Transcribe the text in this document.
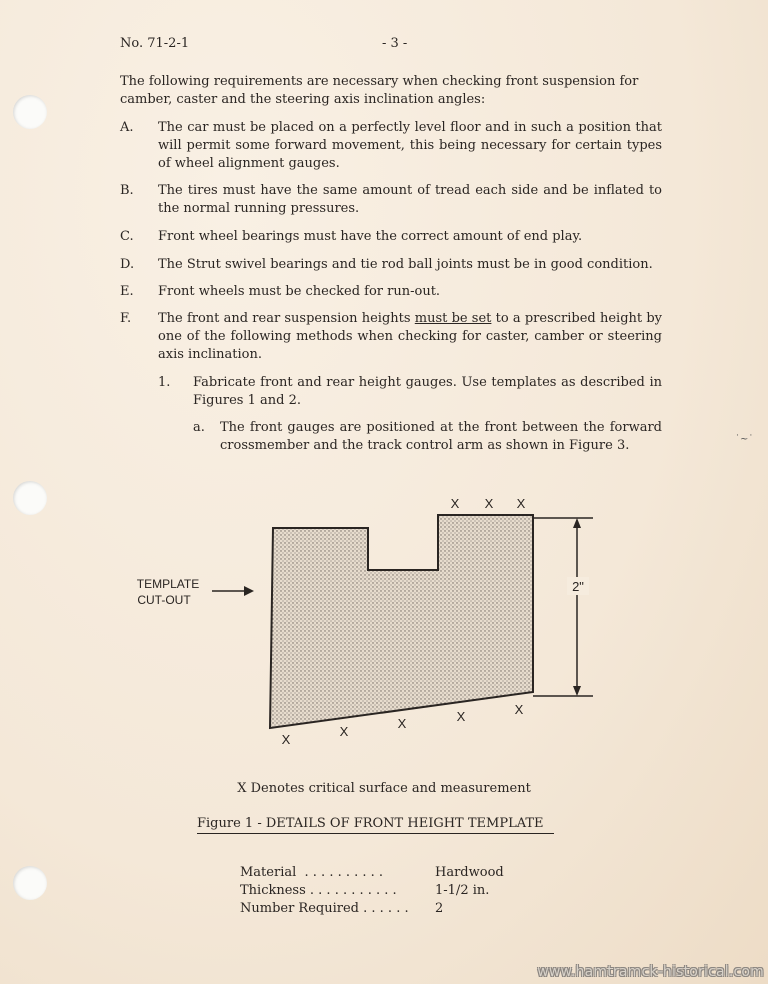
No. 71-2-1	- 3 -
The following requirements are necessary when checking front suspension for camber, caster and the steering axis inclination angles:
A.	The car must be placed on a perfectly level floor and in such a position that will permit some forward movement, this being necessary for certain types of wheel alignment gauges.
B.	The tires must have the same amount of tread each side and be inflated to the normal running pressures.
C.	Front wheel bearings must have the correct amount of end play.
D.	The Strut swivel bearings and tie rod ball joints must be in good condition.
E.	Front wheels must be checked for run-out.
F.	The front and rear suspension heights must be set to a prescribed height by one of the following methods when checking for caster, camber or steering axis inclination.
1. Fabricate front and rear height gauges. Use templates as described in Figures 1 and 2.
a. The front gauges are positioned at the front between the forward crossmember and the track control arm as shown in Figure 3.	˙~˙
2"
TEMPLATE
CUT-OUT
X X X
X
X
X	X	X
X Denotes critical surface and measurement
Figure 1 - DETAILS OF FRONT HEIGHT TEMPLATE
Material  . . . . . . . . . .	Hardwood
Thickness . . . . . . . . . . .	1-1/2 in.
Number Required . . . . . .	2
www.hamtramck-historical.com
